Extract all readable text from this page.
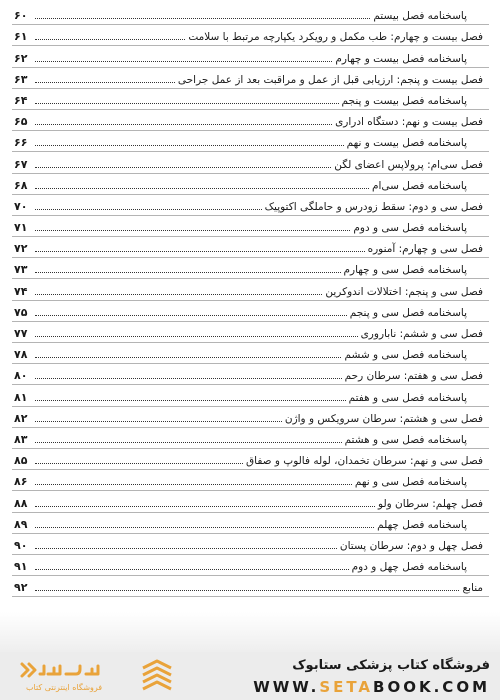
پاسخنامه فصل بیستم
۶۰
فصل بیست و چهارم: طب مکمل و رویکرد یکپارچه مرتبط با سلامت
۶۱
پاسخنامه فصل بیست و چهارم
۶۲
فصل بیست و پنجم: ارزیابی قبل از عمل و مراقبت بعد از عمل جراحی
۶۳
پاسخنامه فصل بیست و پنجم
۶۴
فصل بیست و نهم: دستگاه ادراری
۶۵
پاسخنامه فصل بیست و نهم
۶۶
فصل سی‌ام: پرولاپس اعضای لگن
۶۷
پاسخنامه فصل سی‌ام
۶۸
فصل سی و دوم: سقط زودرس و حاملگی اکتوپیک
۷۰
پاسخنامه فصل سی و دوم
۷۱
فصل سی و چهارم: آمنوره
۷۲
پاسخنامه فصل سی و چهارم
۷۳
فصل سی و پنجم: اختلالات اندوکرین
۷۴
پاسخنامه فصل سی و پنجم
۷۵
فصل سی و ششم: ناباروری
۷۷
پاسخنامه فصل سی و ششم
۷۸
فصل سی و هفتم: سرطان رحم
۸۰
پاسخنامه فصل سی و هفتم
۸۱
فصل سی و هشتم: سرطان سرویکس و واژن
۸۲
پاسخنامه فصل سی و هشتم
۸۳
فصل سی و نهم: سرطان تخمدان، لوله فالوپ و صفاق
۸۵
پاسخنامه فصل سی و نهم
۸۶
فصل چهلم: سرطان ولو
۸۸
پاسخنامه فصل چهلم
۸۹
فصل چهل و دوم: سرطان پستان
۹۰
پاسخنامه فصل چهل و دوم
۹۱
منابع
۹۲
فروشگاه اینترنتی کتاب
فروشگاه کتاب پزشکی ستابوک
WWW.SETABOOK.COM
